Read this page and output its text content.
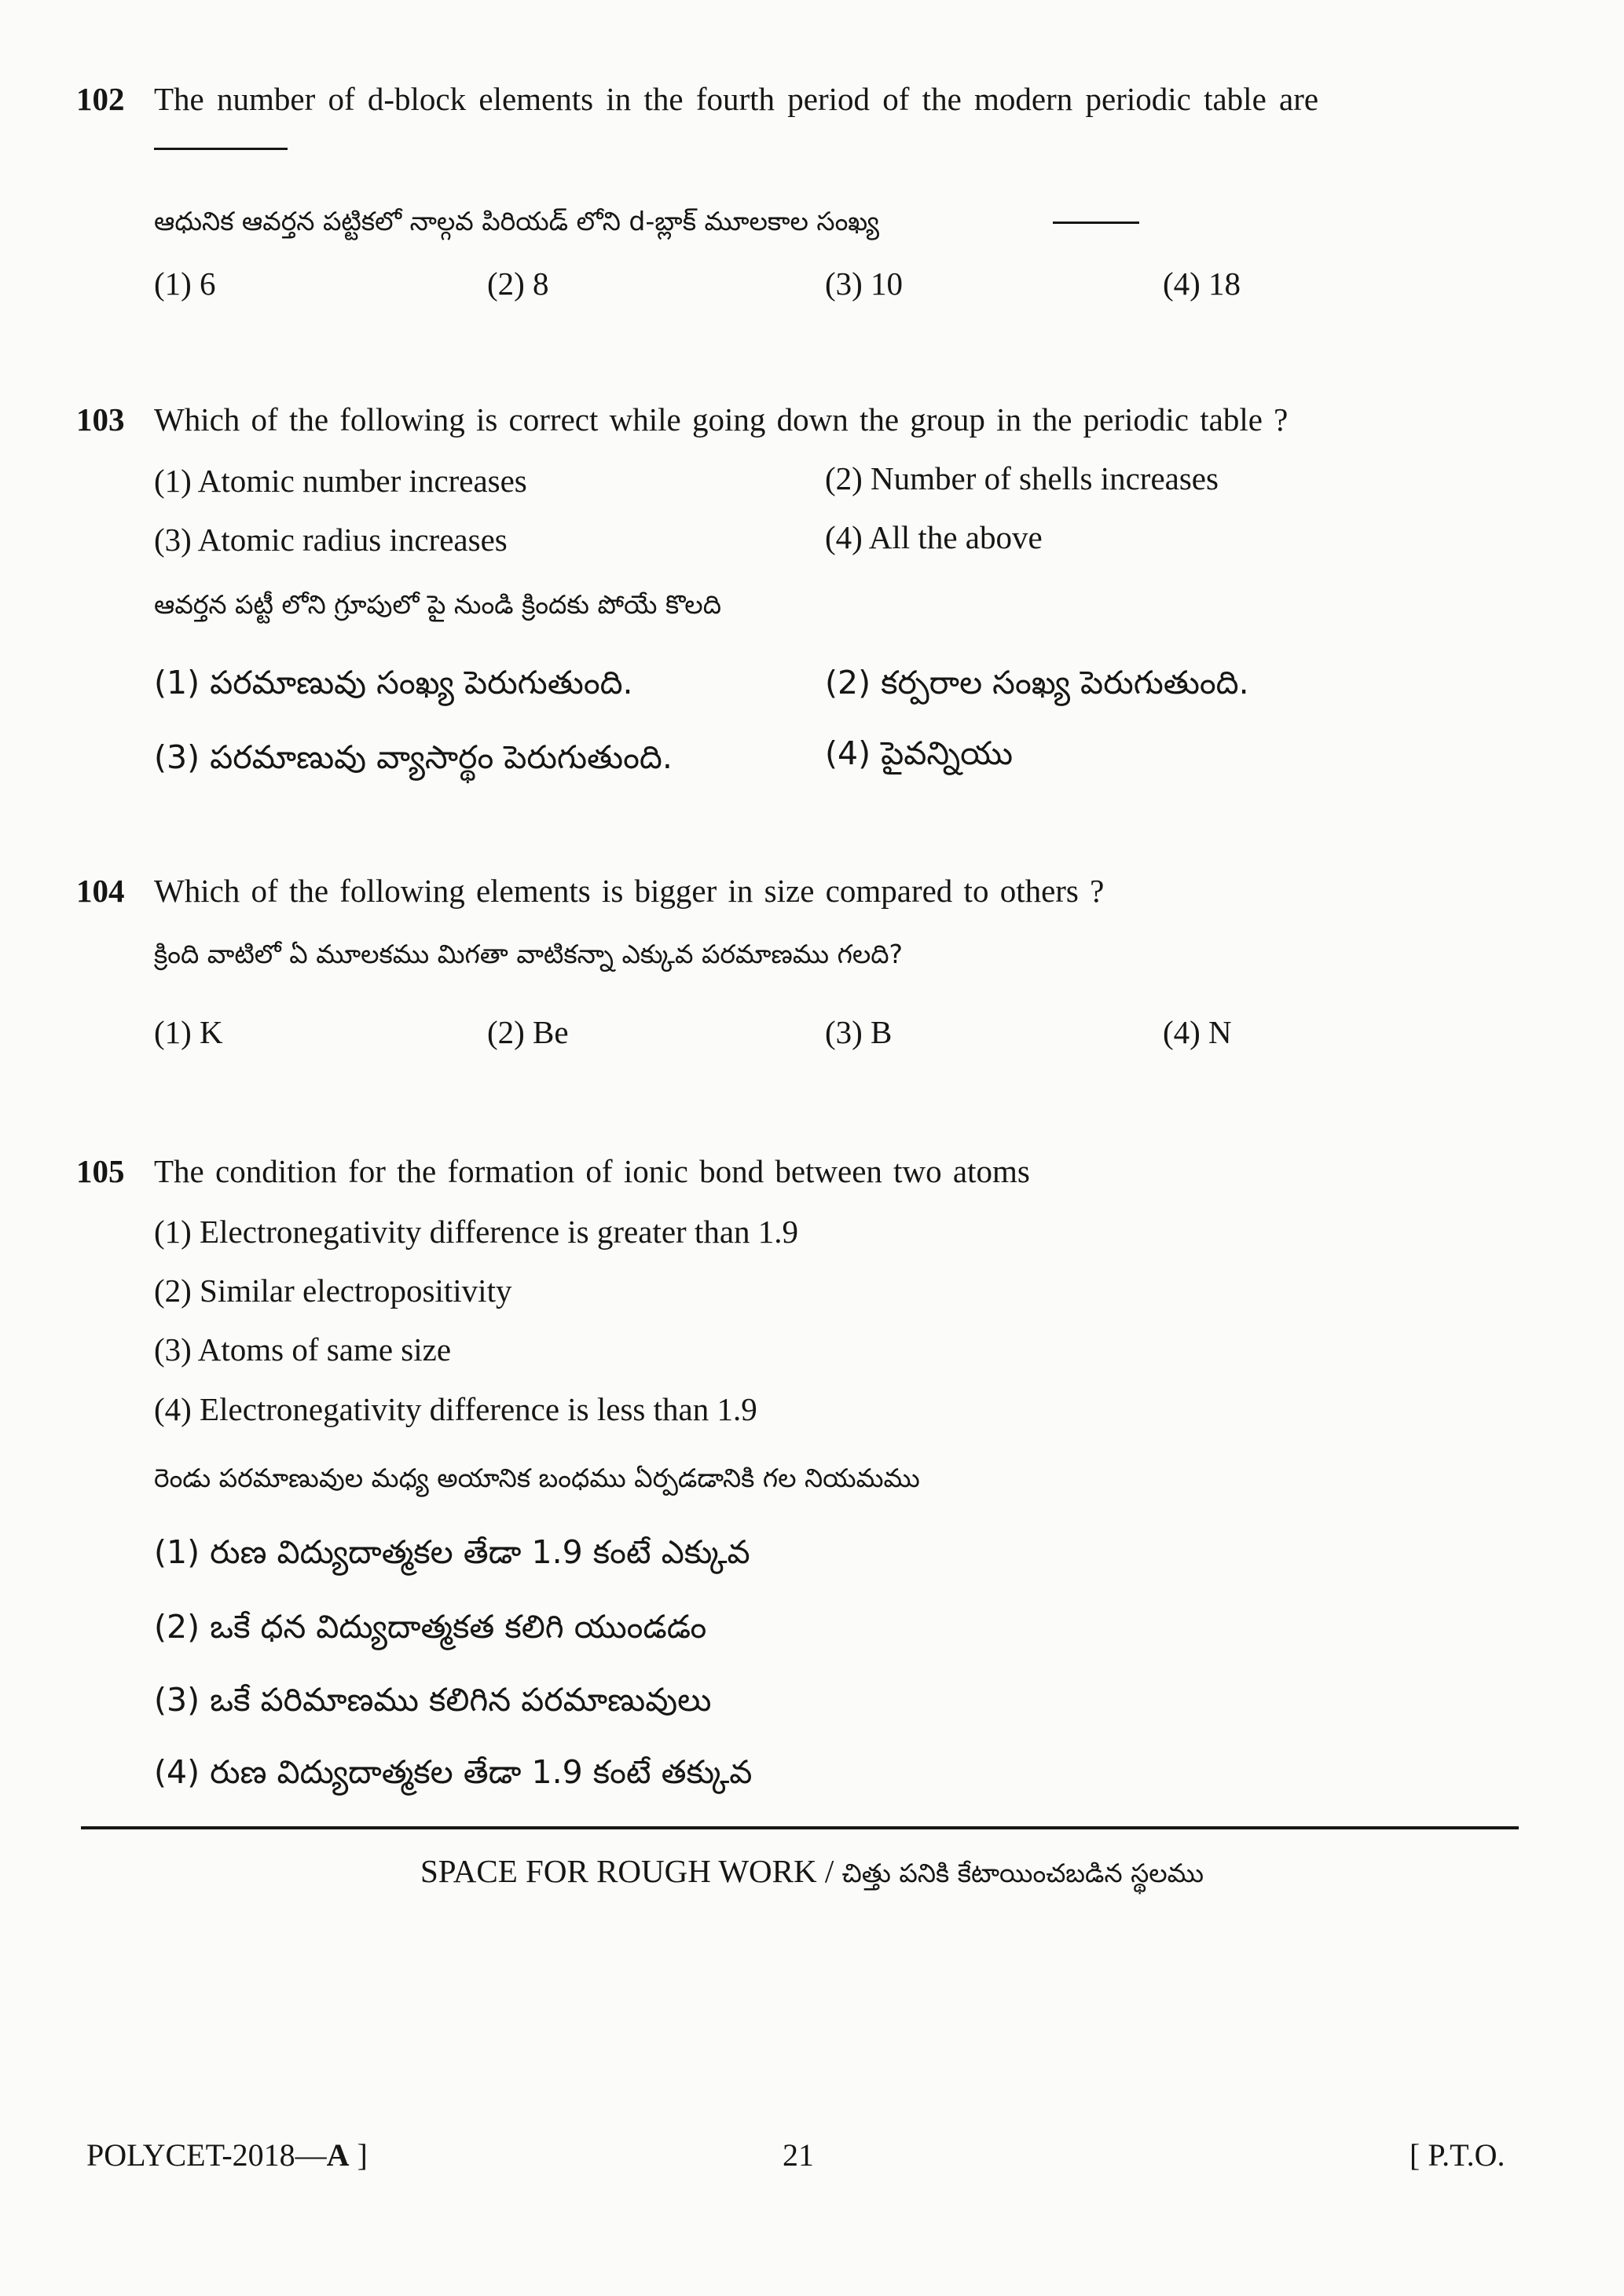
102 The number of d-block elements in the fourth period of the modern periodic table are
ఆధునిక ఆవర్తన పట్టికలో నాల్గవ పిరియడ్ లోని d-బ్లాక్ మూలకాల సంఖ్య
(1) 6	(2) 8	(3) 10	(4) 18
103 Which of the following is correct while going down the group in the periodic table ?
(1) Atomic number increases	(2) Number of shells increases
(3) Atomic radius increases	(4) All the above
ఆవర్తన పట్టీ లోని గ్రూపులో పై నుండి క్రిందకు పోయే కొలది
(1) పరమాణువు సంఖ్య పెరుగుతుంది.	(2) కర్పరాల సంఖ్య పెరుగుతుంది.
(3) పరమాణువు వ్యాసార్థం పెరుగుతుంది.	(4) పైవన్నియు
104 Which of the following elements is bigger in size compared to others ?
క్రింది వాటిలో ఏ మూలకము మిగతా వాటికన్నా ఎక్కువ పరమాణము గలది?
(1) K	(2) Be	(3) B	(4) N
105 The condition for the formation of ionic bond between two atoms
(1) Electronegativity difference is greater than 1.9
(2) Similar electropositivity
(3) Atoms of same size
(4) Electronegativity difference is less than 1.9
రెండు పరమాణువుల మధ్య అయానిక బంధము ఏర్పడడానికి గల నియమము
(1) రుణ విద్యుదాత్మకల తేడా 1.9 కంటే ఎక్కువ
(2) ఒకే ధన విద్యుదాత్మకత కలిగి యుండడం
(3) ఒకే పరిమాణము కలిగిన పరమాణువులు
(4) రుణ విద్యుదాత్మకల తేడా 1.9 కంటే తక్కువ
SPACE FOR ROUGH WORK / చిత్తు పనికి కేటాయించబడిన స్థలము
POLYCET-2018—A ]	21	[ P.T.O.
